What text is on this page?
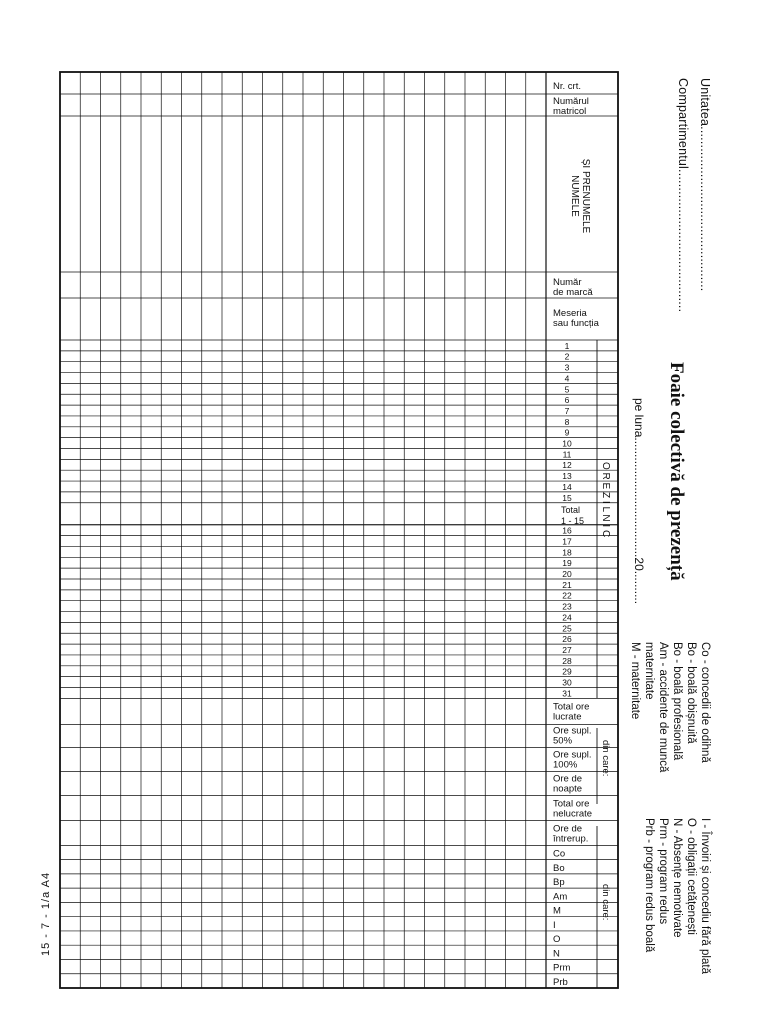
Unitatea.............................................
Compartimentul.......................................
Foaie colectivă de prezență
pe luna....................................20..........
Co - concedii de odihnă
Bo - boală obișnuită
Bo - boală profesională
Am - accidente de muncă
maternitate
M - maternitate
I - Învoiri și concediu fără plată
O - obligații cetățenești
N - Absențe nemotivate
Prm - program redus
Prb - program redus boală
15 - 7 - 1/a A4
Nr. crt.
Numărul
matricol
NUMELE ȘI PRENUMELE
Număr
de marcă
Meseria
sau funcția
1
2
3
4
5
6
7
8
9
10
11
12
13
14
15
Total
1 - 15
16
17
18
19
20
21
22
23
24
25
26
27
28
29
30
31
O R E Z I L N I C
Total ore
lucrate
Ore supl.
50%
Ore supl.
100%
Ore de
noapte
Total ore
nelucrate
Ore de
întrerup.
din care:
din care:
Co
Bo
Bp
Am
M
I
O
N
Prm
Prb
